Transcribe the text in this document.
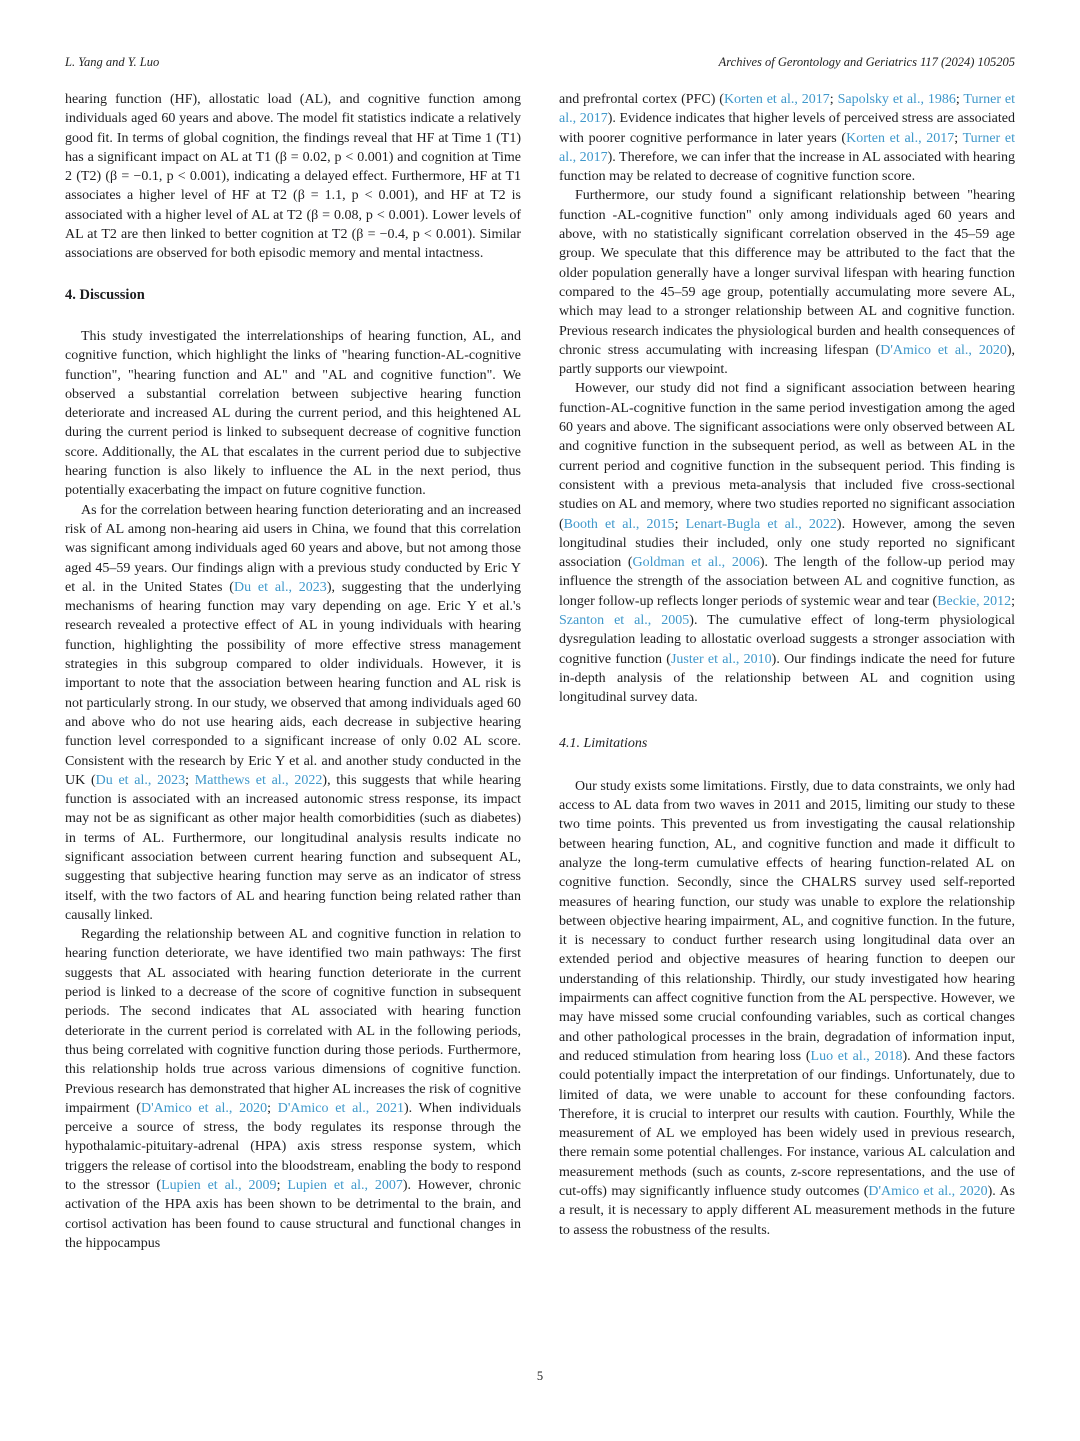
L. Yang and Y. Luo	Archives of Gerontology and Geriatrics 117 (2024) 105205

hearing function (HF), allostatic load (AL), and cognitive function among individuals aged 60 years and above. The model fit statistics indicate a relatively good fit. In terms of global cognition, the findings reveal that HF at Time 1 (T1) has a significant impact on AL at T1 (β = 0.02, p < 0.001) and cognition at Time 2 (T2) (β = −0.1, p < 0.001), indicating a delayed effect. Furthermore, HF at T1 associates a higher level of HF at T2 (β = 1.1, p < 0.001), and HF at T2 is associated with a higher level of AL at T2 (β = 0.08, p < 0.001). Lower levels of AL at T2 are then linked to better cognition at T2 (β = −0.4, p < 0.001). Similar associations are observed for both episodic memory and mental intactness.

4. Discussion

This study investigated the interrelationships of hearing function, AL, and cognitive function, which highlight the links of "hearing function-AL-cognitive function", "hearing function and AL" and "AL and cognitive function". We observed a substantial correlation between subjective hearing function deteriorate and increased AL during the current period, and this heightened AL during the current period is linked to subsequent decrease of cognitive function score. Additionally, the AL that escalates in the current period due to subjective hearing function is also likely to influence the AL in the next period, thus potentially exacerbating the impact on future cognitive function.

As for the correlation between hearing function deteriorating and an increased risk of AL among non-hearing aid users in China, we found that this correlation was significant among individuals aged 60 years and above, but not among those aged 45–59 years. Our findings align with a previous study conducted by Eric Y et al. in the United States (Du et al., 2023), suggesting that the underlying mechanisms of hearing function may vary depending on age. Eric Y et al.'s research revealed a protective effect of AL in young individuals with hearing function, highlighting the possibility of more effective stress management strategies in this subgroup compared to older individuals. However, it is important to note that the association between hearing function and AL risk is not particularly strong. In our study, we observed that among individuals aged 60 and above who do not use hearing aids, each decrease in subjective hearing function level corresponded to a significant increase of only 0.02 AL score. Consistent with the research by Eric Y et al. and another study conducted in the UK (Du et al., 2023; Matthews et al., 2022), this suggests that while hearing function is associated with an increased autonomic stress response, its impact may not be as significant as other major health comorbidities (such as diabetes) in terms of AL. Furthermore, our longitudinal analysis results indicate no significant association between current hearing function and subsequent AL, suggesting that subjective hearing function may serve as an indicator of stress itself, with the two factors of AL and hearing function being related rather than causally linked.

Regarding the relationship between AL and cognitive function in relation to hearing function deteriorate, we have identified two main pathways: The first suggests that AL associated with hearing function deteriorate in the current period is linked to a decrease of the score of cognitive function in subsequent periods. The second indicates that AL associated with hearing function deteriorate in the current period is correlated with AL in the following periods, thus being correlated with cognitive function during those periods. Furthermore, this relationship holds true across various dimensions of cognitive function. Previous research has demonstrated that higher AL increases the risk of cognitive impairment (D'Amico et al., 2020; D'Amico et al., 2021). When individuals perceive a source of stress, the body regulates its response through the hypothalamic-pituitary-adrenal (HPA) axis stress response system, which triggers the release of cortisol into the bloodstream, enabling the body to respond to the stressor (Lupien et al., 2009; Lupien et al., 2007). However, chronic activation of the HPA axis has been shown to be detrimental to the brain, and cortisol activation has been found to cause structural and functional changes in the hippocampus

and prefrontal cortex (PFC) (Korten et al., 2017; Sapolsky et al., 1986; Turner et al., 2017). Evidence indicates that higher levels of perceived stress are associated with poorer cognitive performance in later years (Korten et al., 2017; Turner et al., 2017). Therefore, we can infer that the increase in AL associated with hearing function may be related to decrease of cognitive function score.

Furthermore, our study found a significant relationship between "hearing function -AL-cognitive function" only among individuals aged 60 years and above, with no statistically significant correlation observed in the 45–59 age group. We speculate that this difference may be attributed to the fact that the older population generally have a longer survival lifespan with hearing function compared to the 45–59 age group, potentially accumulating more severe AL, which may lead to a stronger relationship between AL and cognitive function. Previous research indicates the physiological burden and health consequences of chronic stress accumulating with increasing lifespan (D'Amico et al., 2020), partly supports our viewpoint.

However, our study did not find a significant association between hearing function-AL-cognitive function in the same period investigation among the aged 60 years and above. The significant associations were only observed between AL and cognitive function in the subsequent period, as well as between AL in the current period and cognitive function in the subsequent period. This finding is consistent with a previous meta-analysis that included five cross-sectional studies on AL and memory, where two studies reported no significant association (Booth et al., 2015; Lenart-Bugla et al., 2022). However, among the seven longitudinal studies their included, only one study reported no significant association (Goldman et al., 2006). The length of the follow-up period may influence the strength of the association between AL and cognitive function, as longer follow-up reflects longer periods of systemic wear and tear (Beckie, 2012; Szanton et al., 2005). The cumulative effect of long-term physiological dysregulation leading to allostatic overload suggests a stronger association with cognitive function (Juster et al., 2010). Our findings indicate the need for future in-depth analysis of the relationship between AL and cognition using longitudinal survey data.

4.1. Limitations

Our study exists some limitations. Firstly, due to data constraints, we only had access to AL data from two waves in 2011 and 2015, limiting our study to these two time points. This prevented us from investigating the causal relationship between hearing function, AL, and cognitive function and made it difficult to analyze the long-term cumulative effects of hearing function-related AL on cognitive function. Secondly, since the CHALRS survey used self-reported measures of hearing function, our study was unable to explore the relationship between objective hearing impairment, AL, and cognitive function. In the future, it is necessary to conduct further research using longitudinal data over an extended period and objective measures of hearing function to deepen our understanding of this relationship. Thirdly, our study investigated how hearing impairments can affect cognitive function from the AL perspective. However, we may have missed some crucial confounding variables, such as cortical changes and other pathological processes in the brain, degradation of information input, and reduced stimulation from hearing loss (Luo et al., 2018). And these factors could potentially impact the interpretation of our findings. Unfortunately, due to limited of data, we were unable to account for these confounding factors. Therefore, it is crucial to interpret our results with caution. Fourthly, While the measurement of AL we employed has been widely used in previous research, there remain some potential challenges. For instance, various AL calculation and measurement methods (such as counts, z-score representations, and the use of cut-offs) may significantly influence study outcomes (D'Amico et al., 2020). As a result, it is necessary to apply different AL measurement methods in the future to assess the robustness of the results.

5
